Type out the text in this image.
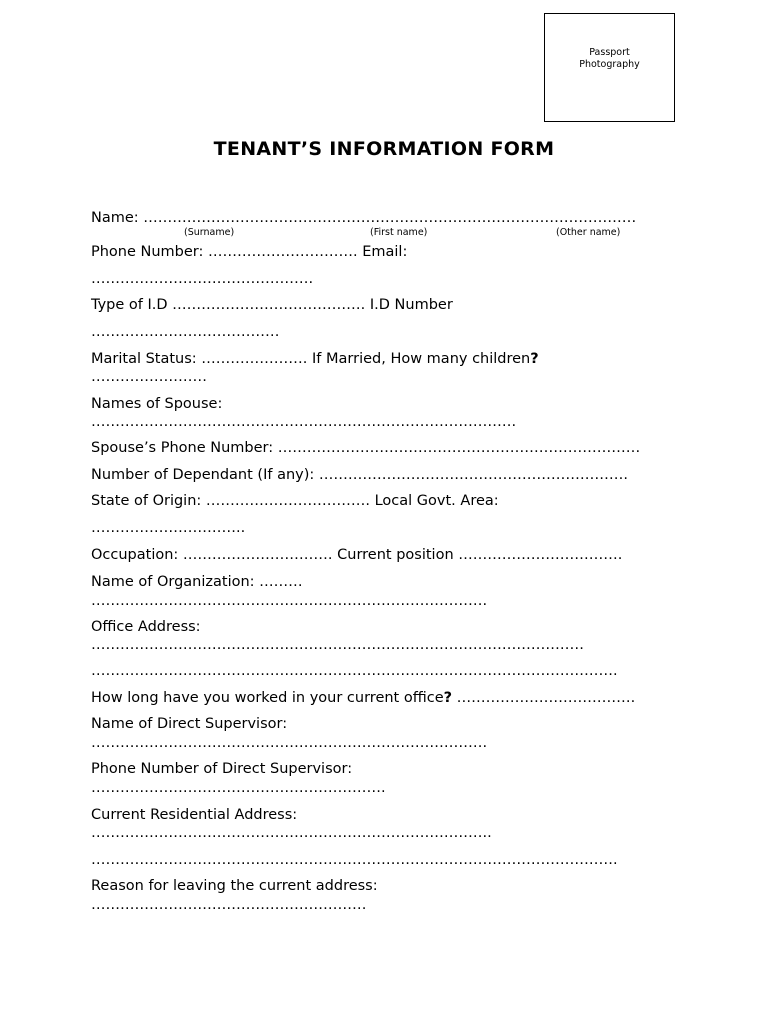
Passport
Photography
TENANT’S INFORMATION FORM
Name: …………………………………………………………………………………………
(Surname)	(First name)	(Other name)
Phone Number: …………………………. Email:
……………………………………….
Type of I.D …………………………………. I.D Number
…………………………………
Marital Status: …………………. If Married, How many children?
……………………
Names of Spouse:
…………………………………………………………………………….
Spouse’s Phone Number: …………………………………………………………………
Number of Dependant (If any): ……………………………………………………….
State of Origin: ……………………………. Local Govt. Area:
…………………………..
Occupation: …………………………. Current position …………………………….
Name of Organization: ………
……………………………………………………………………….
Office Address:
…………………………………………………………………………………………
……………………………………………………………………………………………….
How long have you worked in your current office? ……………………………….
Name of Direct Supervisor:
……………………………………………………………………….
Phone Number of Direct Supervisor:
…………………………………………………….
Current Residential Address:
………………………………………………………………………..
……………………………………………………………………………………………….
Reason for leaving the current address:
…………………………………………………
